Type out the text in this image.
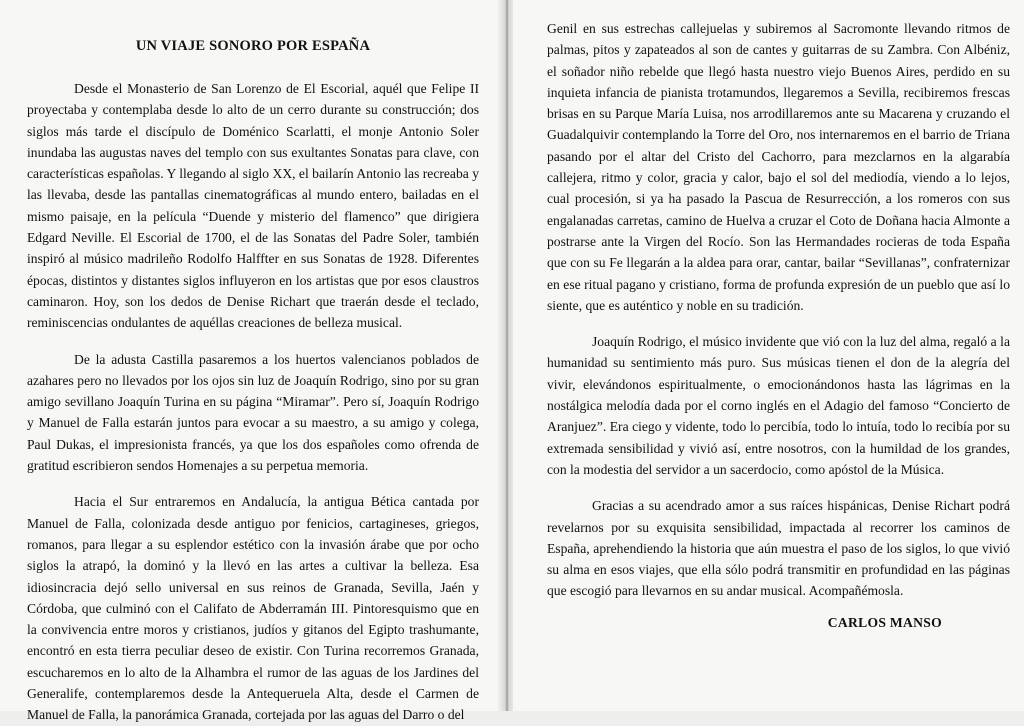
UN VIAJE SONORO POR ESPAÑA

Desde el Monasterio de San Lorenzo de El Escorial, aquél que Felipe II proyectaba y contemplaba desde lo alto de un cerro durante su construcción; dos siglos más tarde el discípulo de Doménico Scarlatti, el monje Antonio Soler inundaba las augustas naves del templo con sus exultantes Sonatas para clave, con características españolas. Y llegando al siglo XX, el bailarín Antonio las recreaba y las llevaba, desde las pantallas cinematográficas al mundo entero, bailadas en el mismo paisaje, en la película “Duende y misterio del flamenco” que dirigiera Edgard Neville. El Escorial de 1700, el de las Sonatas del Padre Soler, también inspiró al músico madrileño Rodolfo Halffter en sus Sonatas de 1928. Diferentes épocas, distintos y distantes siglos influyeron en los artistas que por esos claustros caminaron. Hoy, son los dedos de Denise Richart que traerán desde el teclado, reminiscencias ondulantes de aquéllas creaciones de belleza musical.

De la adusta Castilla pasaremos a los huertos valencianos poblados de azahares pero no llevados por los ojos sin luz de Joaquín Rodrigo, sino por su gran amigo sevillano Joaquín Turina en su página “Miramar”. Pero sí, Joaquín Rodrigo y Manuel de Falla estarán juntos para evocar a su maestro, a su amigo y colega, Paul Dukas, el impresionista francés, ya que los dos españoles como ofrenda de gratitud escribieron sendos Homenajes a su perpetua memoria.

Hacia el Sur entraremos en Andalucía, la antigua Bética cantada por Manuel de Falla, colonizada desde antiguo por fenicios, cartagineses, griegos, romanos, para llegar a su esplendor estético con la invasión árabe que por ocho siglos la atrapó, la dominó y la llevó en las artes a cultivar la belleza. Esa idiosincracia dejó sello universal en sus reinos de Granada, Sevilla, Jaén y Córdoba, que culminó con el Califato de Abderramán III. Pintoresquismo que en la convivencia entre moros y cristianos, judíos y gitanos del Egipto trashumante, encontró en esta tierra peculiar deseo de existir. Con Turina recorremos Granada, escucharemos en lo alto de la Alhambra el rumor de las aguas de los Jardines del Generalife, contemplaremos desde la Antequeruela Alta, desde el Carmen de Manuel de Falla, la panorámica Granada, cortejada por las aguas del Darro o del

Genil en sus estrechas callejuelas y subiremos al Sacromonte llevando ritmos de palmas, pitos y zapateados al son de cantes y guitarras de su Zambra. Con Albéniz, el soñador niño rebelde que llegó hasta nuestro viejo Buenos Aires, perdido en su inquieta infancia de pianista trotamundos, llegaremos a Sevilla, recibiremos frescas brisas en su Parque María Luisa, nos arrodillaremos ante su Macarena y cruzando el Guadalquivir contemplando la Torre del Oro, nos internaremos en el barrio de Triana pasando por el altar del Cristo del Cachorro, para mezclarnos en la algarabía callejera, ritmo y color, gracia y calor, bajo el sol del mediodía, viendo a lo lejos, cual procesión, si ya ha pasado la Pascua de Resurrección, a los romeros con sus engalanadas carretas, camino de Huelva a cruzar el Coto de Doñana hacia Almonte a postrarse ante la Virgen del Rocío. Son las Hermandades rocieras de toda España que con su Fe llegarán a la aldea para orar, cantar, bailar “Sevillanas”, confraternizar en ese ritual pagano y cristiano, forma de profunda expresión de un pueblo que así lo siente, que es auténtico y noble en su tradición.

Joaquín Rodrigo, el músico invidente que vió con la luz del alma, regaló a la humanidad su sentimiento más puro. Sus músicas tienen el don de la alegría del vivir, elevándonos espiritualmente, o emocionándonos hasta las lágrimas en la nostálgica melodía dada por el corno inglés en el Adagio del famoso “Concierto de Aranjuez”. Era ciego y vidente, todo lo percibía, todo lo intuía, todo lo recibía por su extremada sensibilidad y vivió así, entre nosotros, con la humildad de los grandes, con la modestia del servidor a un sacerdocio, como apóstol de la Música.

Gracias a su acendrado amor a sus raíces hispánicas, Denise Richart podrá revelarnos por su exquisita sensibilidad, impactada al recorrer los caminos de España, aprehendiendo la historia que aún muestra el paso de los siglos, lo que vivió su alma en esos viajes, que ella sólo podrá transmitir en profundidad en las páginas que escogió para llevarnos en su andar musical. Acompañémosla.

CARLOS MANSO
